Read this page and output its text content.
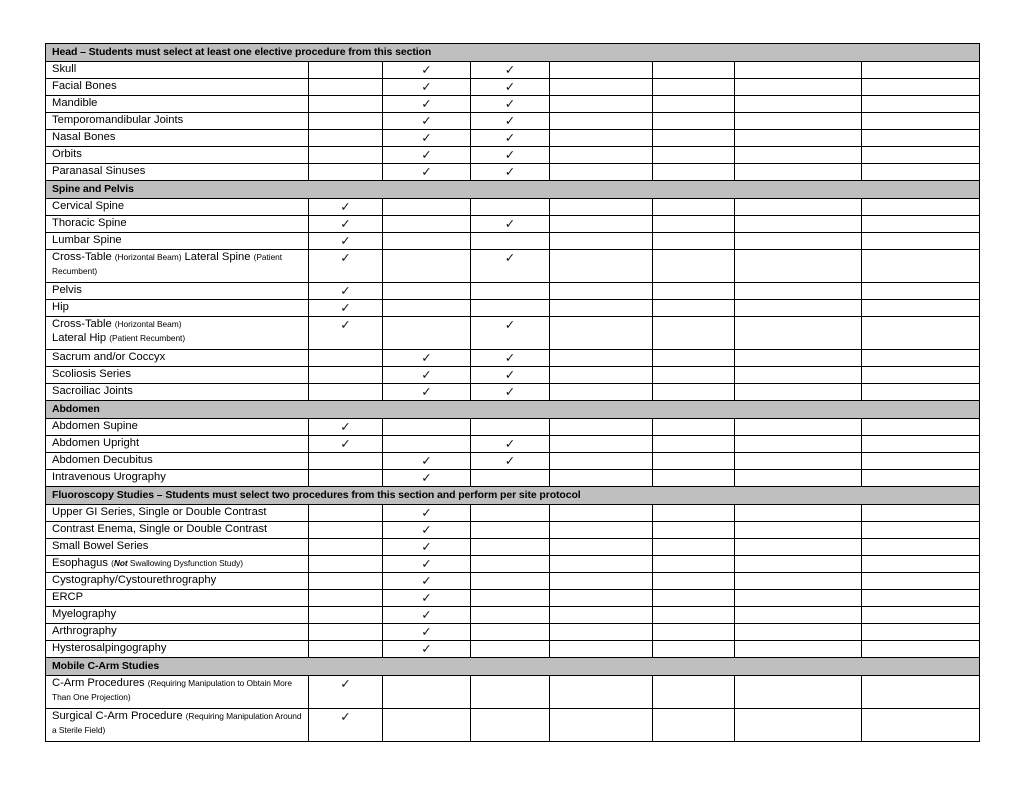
Head – Students must select at least one elective procedure from this section							
Skull		✓	✓				
Facial Bones		✓	✓				
Mandible		✓	✓				
Temporomandibular Joints		✓	✓				
Nasal Bones		✓	✓				
Orbits		✓	✓				
Paranasal Sinuses		✓	✓				
Spine and Pelvis							
Cervical Spine	✓						
Thoracic Spine	✓		✓				
Lumbar Spine	✓						
Cross-Table (Horizontal Beam) Lateral Spine (Patient Recumbent)	✓		✓				
Pelvis	✓						
Hip	✓						
Cross-Table (Horizontal Beam)
Lateral Hip (Patient Recumbent)	✓		✓				
Sacrum and/or Coccyx		✓	✓				
Scoliosis Series		✓	✓				
Sacroiliac Joints		✓	✓				
Abdomen							
Abdomen Supine	✓						
Abdomen Upright	✓		✓				
Abdomen Decubitus		✓	✓				
Intravenous Urography		✓					
Fluoroscopy Studies – Students must select two procedures from this section and perform per site protocol							
Upper GI Series, Single or Double Contrast		✓					
Contrast Enema, Single or Double Contrast		✓					
Small Bowel Series		✓					
Esophagus (Not Swallowing Dysfunction Study)		✓					
Cystography/Cystourethrography		✓					
ERCP		✓					
Myelography		✓					
Arthrography		✓					
Hysterosalpingography		✓					
Mobile C-Arm Studies							
C-Arm Procedures (Requiring Manipulation to Obtain More Than One Projection)	✓						
Surgical C-Arm Procedure (Requiring Manipulation Around a Sterile Field)	✓						
